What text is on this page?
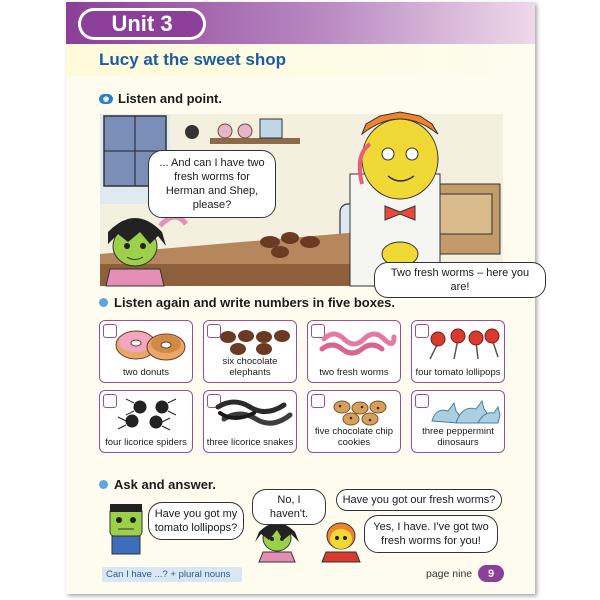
Unit 3
Lucy at the sweet shop
◉ Listen and point.
... And can I have two fresh worms for Herman and Shep, please?
Two fresh worms – here you are!
Listen again and write numbers in five boxes.
two donuts
six chocolate elephants	two fresh worms	four tomato lollipops
four licorice spiders	three licorice snakes
five chocolate chip cookies
three peppermint dinosaurs
Ask and answer.
Have you got my tomato lollipops?
No, I haven't.
Have you got our fresh worms?
Yes, I have. I've got two fresh worms for you!
Can I have ...? + plural nouns	page nine	9
